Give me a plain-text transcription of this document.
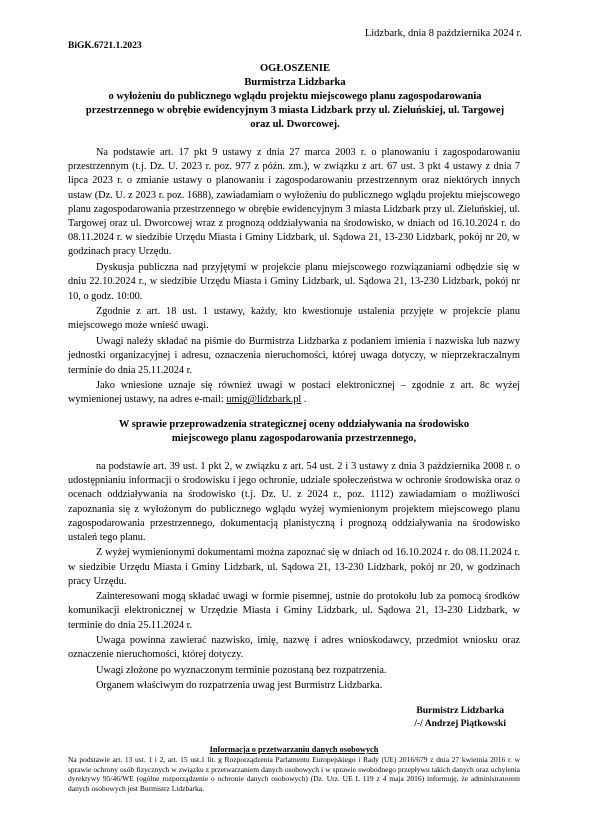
Lidzbark, dnia 8 października 2024 r.
BiGK.6721.1.2023
OGŁOSZENIE
Burmistrza Lidzbarka
o wyłożeniu do publicznego wglądu projektu miejscowego planu zagospodarowania
przestrzennego w obrębie ewidencyjnym 3 miasta Lidzbark przy ul. Zieluńskiej, ul. Targowej
oraz ul. Dworcowej.

Na podstawie art. 17 pkt 9 ustawy z dnia 27 marca 2003 r. o planowaniu i zagospodarowaniu przestrzennym (t.j. Dz. U. 2023 r. poz. 977 z późn. zm.), w związku z art. 67 ust. 3 pkt 4 ustawy z dnia 7 lipca 2023 r. o zmianie ustawy o planowaniu i zagospodarowaniu przestrzennym oraz niektórych innych ustaw (Dz. U. z 2023 r. poz. 1688), zawiadamiam o wyłożeniu do publicznego wglądu projektu miejscowego planu zagospodarowania przestrzennego w obrębie ewidencyjnym 3 miasta Lidzbark przy ul. Zieluńskiej, ul. Targowej oraz ul. Dworcowej wraz z prognozą oddziaływania na środowisko, w dniach od 16.10.2024 r. do 08.11.2024 r. w siedzibie Urzędu Miasta i Gminy Lidzbark, ul. Sądowa 21, 13-230 Lidzbark, pokój nr 20, w godzinach pracy Urzędu.

Dyskusja publiczna nad przyjętymi w projekcie planu miejscowego rozwiązaniami odbędzie się w dniu 22.10.2024 r., w siedzibie Urzędu Miasta i Gminy Lidzbark, ul. Sądowa 21, 13-230 Lidzbark, pokój nr 10, o godz. 10:00.

Zgodnie z art. 18 ust. 1 ustawy, każdy, kto kwestionuje ustalenia przyjęte w projekcie planu miejscowego może wnieść uwagi.

Uwagi należy składać na piśmie do Burmistrza Lidzbarka z podaniem imienia i nazwiska lub nazwy jednostki organizacyjnej i adresu, oznaczenia nieruchomości, której uwaga dotyczy, w nieprzekraczalnym terminie do dnia 25.11.2024 r.

Jako wniesione uznaje się również uwagi w postaci elektronicznej – zgodnie z art. 8c wyżej wymienionej ustawy, na adres e-mail: umig@lidzbark.pl .

W sprawie przeprowadzenia strategicznej oceny oddziaływania na środowisko
miejscowego planu zagospodarowania przestrzennego,

na podstawie art. 39 ust. 1 pkt 2, w związku z art. 54 ust. 2 i 3 ustawy z dnia 3 października 2008 r. o udostępnianiu informacji o środowisku i jego ochronie, udziale społeczeństwa w ochronie środowiska oraz o ocenach oddziaływania na środowisko (t.j. Dz. U. z 2024 r., poz. 1112) zawiadamiam o możliwości zapoznania się z wyłożonym do publicznego wglądu wyżej wymienionym projektem miejscowego planu zagospodarowania przestrzennego, dokumentacją planistyczną i prognozą oddziaływania na środowisko ustaleń tego planu.

Z wyżej wymienionymi dokumentami można zapoznać się w dniach od 16.10.2024 r. do 08.11.2024 r. w siedzibie Urzędu Miasta i Gminy Lidzbark, ul. Sądowa 21, 13-230 Lidzbark, pokój nr 20, w godzinach pracy Urzędu.

Zainteresowani mogą składać uwagi w formie pisemnej, ustnie do protokołu lub za pomocą środków komunikacji elektronicznej w Urzędzie Miasta i Gminy Lidzbark, ul. Sądowa 21, 13-230 Lidzbark, w terminie do dnia 25.11.2024 r.

Uwaga powinna zawierać nazwisko, imię, nazwę i adres wnioskodawcy, przedmiot wniosku oraz oznaczenie nieruchomości, której dotyczy.

Uwagi złożone po wyznaczonym terminie pozostaną bez rozpatrzenia.

Organem właściwym do rozpatrzenia uwag jest Burmistrz Lidzbarka.

Burmistrz Lidzbarka
/-/ Andrzej Piątkowski
Informacja o przetwarzaniu danych osobowych
Na podstawie art. 13 ust. 1 i 2, art. 15 ust.1 lit. g Rozporządzenia Parlamentu Europejskiego i Rady (UE) 2016/679 z dnia 27 kwietnia 2016 r. w sprawie ochrony osób fizycznych w związku z przetwarzaniem danych osobowych i w sprawie swobodnego przepływu takich danych oraz uchylenia dyrektywy 95/46/WE (ogólne rozporządzenie o ochronie danych osobowych) (Dz. Urz. UE L 119 z 4 maja 2016) informuję, że administratorem danych osobowych jest Burmistrz Lidzbarka.
